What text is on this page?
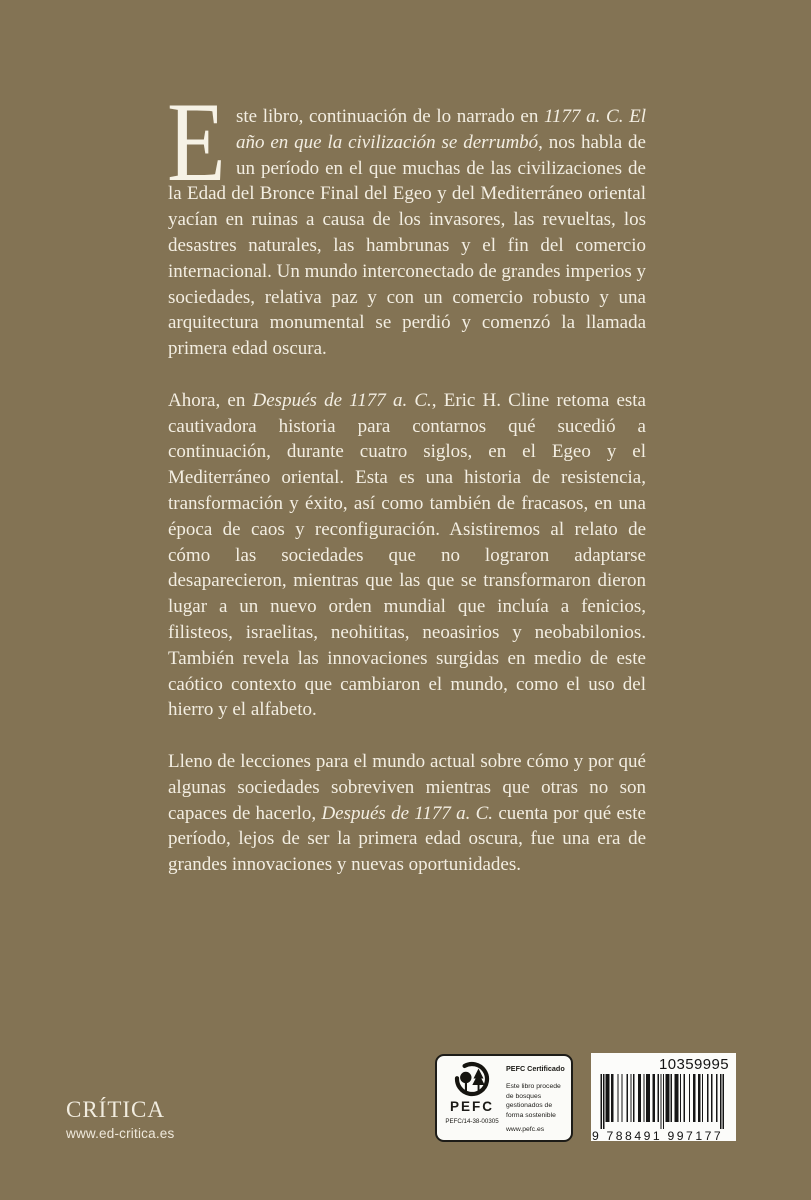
E ste libro, continuación de lo narrado en 1177 a. C. El año en que la civilización se derrumbó, nos habla de un período en el que muchas de las civilizaciones de la Edad del Bronce Final del Egeo y del Mediterráneo oriental yacían en ruinas a causa de los invasores, las revueltas, los desastres naturales, las hambrunas y el fin del comercio internacional. Un mundo interconectado de grandes imperios y sociedades, relativa paz y con un comercio robusto y una arquitectura monumental se perdió y comenzó la llamada primera edad oscura.

Ahora, en Después de 1177 a. C., Eric H. Cline retoma esta cautivadora historia para contarnos qué sucedió a continuación, durante cuatro siglos, en el Egeo y el Mediterráneo oriental. Esta es una historia de resistencia, transformación y éxito, así como también de fracasos, en una época de caos y reconfiguración. Asistiremos al relato de cómo las sociedades que no lograron adaptarse desaparecieron, mientras que las que se transformaron dieron lugar a un nuevo orden mundial que incluía a fenicios, filisteos, israelitas, neohititas, neoasirios y neobabilonios. También revela las innovaciones surgidas en medio de este caótico contexto que cambiaron el mundo, como el uso del hierro y el alfabeto.

Lleno de lecciones para el mundo actual sobre cómo y por qué algunas sociedades sobreviven mientras que otras no son capaces de hacerlo, Después de 1177 a. C. cuenta por qué este período, lejos de ser la primera edad oscura, fue una era de grandes innovaciones y nuevas oportunidades.

CRÍTICA
www.ed-critica.es
PEFC
PEFC/14-38-00305
PEFC Certificado
Este libro procede de bosques gestionados de forma sostenible
www.pefc.es
10359995
9 788491 997177
